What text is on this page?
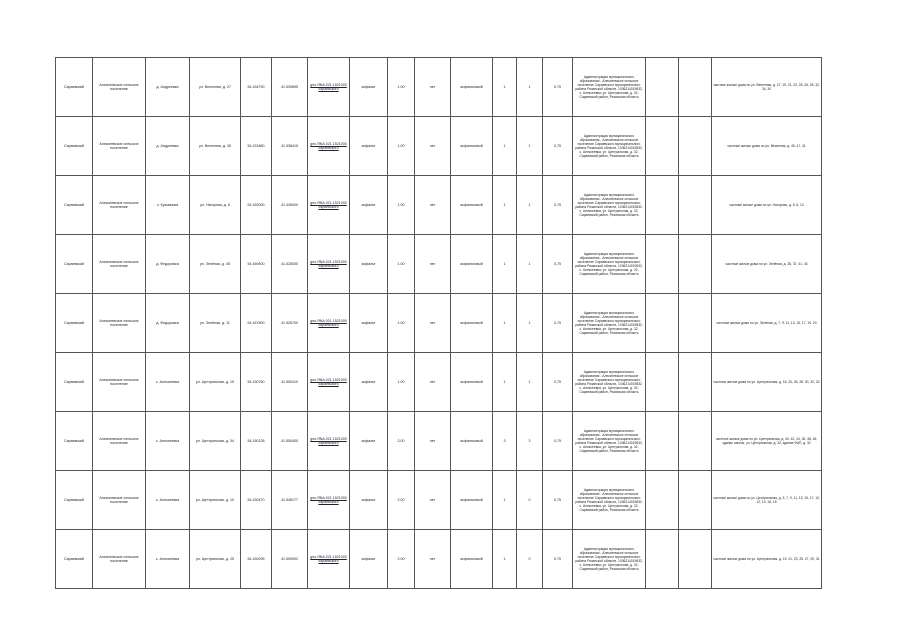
Сараевский	Алексеевское сельское поселение	д. Андреевка	ул. Весенняя, д. 27	54.154790	41.539695	geo.ЯNA.021.1521000 сараевского	асфальт	1.00	нет	асфальтовый	1	1	0,75	Администрация муниципального образования - Алексеевское сельское поселение Сараевского муниципального района Рязанской области, 1036214019832, с. Алексеевка, ул. Центральная, д. 32, Сараевский район, Рязанская область			частные жилые дома по ул. Весенняя, д. 27, 19, 21, 23, 25, 26, 28, 32, 34, 30
Сараевский	Алексеевское сельское поселение	д. Андреевка	ул. Весенняя, д. 45	54.151860	41.538415	geo.ЯNA.021.1521000 сараевского	асфальт	1.00	нет	асфальтовый	1	1	0,75	Администрация муниципального образования - Алексеевское сельское поселение Сараевского муниципального района Рязанской области, 1036214019832, с. Алексеевка, ул. Центральная, д. 32, Сараевский район, Рязанская область			частные жилые дома по ул. Весенняя, д. 45, 47, 41
Сараевский	Алексеевское сельское поселение	с. Кузьминка	ул. Нагорная, д. 5	54.162000	41.428400	geo.ЯNA.021.1521000 сараевского	асфальт	1.00	нет	асфальтовый	1	1	0,75	Администрация муниципального образования - Алексеевское сельское поселение Сараевского муниципального района Рязанской области, 1036214019832, с. Алексеевка, ул. Центральная, д. 32, Сараевский район, Рязанская область			частные жилые дома по ул. Нагорная, д. 5, 6, 12
Сараевский	Алексеевское сельское поселение	д. Федоровка	ул. Зелёная, д. 45	54.169400	41.528000	geo.ЯNA.021.1521000 сараевского	асфальт	1.00	нет	асфальтовый	1	1	0,75	Администрация муниципального образования - Алексеевское сельское поселение Сараевского муниципального района Рязанской области, 1036214019832, с. Алексеевка, ул. Центральная, д. 32, Сараевский район, Рязанская область			частные жилые дома по ул. Зелёная, д. 35, 37, 41, 43
Сараевский	Алексеевское сельское поселение	д. Федоровка	ул. Зелёная, д. 11	54.167800	41.526700	geo.ЯNA.021.1521000 сараевского	асфальт	1.00	нет	асфальтовый	1	1	0,75	Администрация муниципального образования - Алексеевское сельское поселение Сараевского муниципального района Рязанской области, 1036214019832, с. Алексеевка, ул. Центральная, д. 32, Сараевский район, Рязанская область			частные жилые дома по ул. Зелёная, д. 7, 9, 11, 13, 15, 17, 19, 20
Сараевский	Алексеевское сельское поселение	с. Алексеевка	ул. Центральная, д. 15	54.150760	41.550410	geo.ЯNA.021.1521000 сараевского	асфальт	1.00	нет	асфальтовый	1	1	0,75	Администрация муниципального образования - Алексеевское сельское поселение Сараевского муниципального района Рязанской области, 1036214019832, с. Алексеевка, ул. Центральная, д. 32, Сараевский район, Рязанская область			частные жилые дома по ул. Центральная, д. 15, 20, 26, 28, 30, 32, 33
Сараевский	Алексеевское сельское поселение	с. Алексеевка	ул. Центральная, д. 34	54.150128	41.550400	geo.ЯNA.021.1521000 сараевского	асфальт	3.00	нет	асфальтовый	3	3	0,75	Администрация муниципального образования - Алексеевское сельское поселение Сараевского муниципального района Рязанской области, 1036214019832, с. Алексеевка, ул. Центральная, д. 32, Сараевский район, Рязанская область			частные жилые дома по ул. Центральная, д. 40, 42, 44, 36, 38, 46, здание школы, ул. Центральная, д. 32, здание ФАП, д. 32
Сараевский	Алексеевское сельское поселение	с. Алексеевка	ул. Центральная, д. 10	54.150470	41.548177	geo.ЯNA.021.1521000 сараевского	асфальт	2.00	нет	асфальтовый	1	0	0,75	Администрация муниципального образования - Алексеевское сельское поселение Сараевского муниципального района Рязанской области, 1036214019832, с. Алексеевка, ул. Центральная, д. 32, Сараевский район, Рязанская область			частные жилые дома по ул. Центральная, д. 3, 7, 9, 11, 13, 15, 17, 10, 12, 14, 16, 18
Сараевский	Алексеевское сельское поселение	с. Алексеевка	ул. Центральная, д. 25	54.150295	41.550902	geo.ЯNA.021.1521000 сараевского	асфальт	2.00	нет	асфальтовый	1	0	0,75	Администрация муниципального образования - Алексеевское сельское поселение Сараевского муниципального района Рязанской области, 1036214019832, с. Алексеевка, ул. Центральная, д. 32, Сараевский район, Рязанская область			частные жилые дома по ул. Центральная, д. 19, 21, 23, 25, 27, 29, 31
